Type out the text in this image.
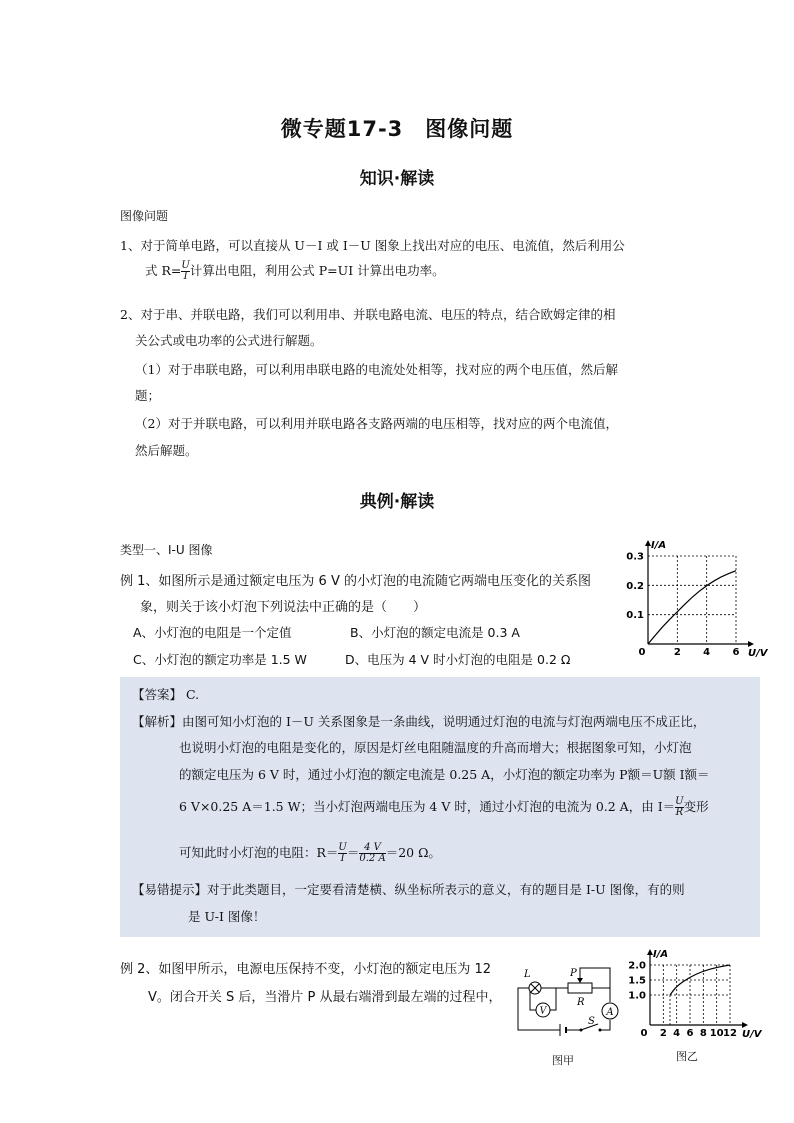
微专题17-3　图像问题
知识·解读
图像问题
1、对于简单电路，可以直接从 U－I 或 I－U 图象上找出对应的电压、电流值，然后利用公
式 $R= \frac{U}{I}$ 计算出电阻，利用公式 P=UI 计算出电功率。
2、对于串、并联电路，我们可以利用串、并联电路电流、电压的特点，结合欧姆定律的相
关公式或电功率的公式进行解题。
（1）对于串联电路，可以利用串联电路的电流处处相等，找对应的两个电压值，然后解
题；
（2）对于并联电路，可以利用并联电路各支路两端的电压相等，找对应的两个电流值，
然后解题。
典例·解读
类型一、I-U 图像
例 1、如图所示是通过额定电压为 6 V 的小灯泡的电流随它两端电压变化的关系图
象，则关于该小灯泡下列说法中正确的是（　　）
A、小灯泡的电阻是一个定值	B、小灯泡的额定电流是 0.3 A
C、小灯泡的额定功率是 1.5 W	D、电压为 4 V 时小灯泡的电阻是 0.2 Ω	0	2 4 6
0.1
0.2
0.3
U/V
I/A
【答案】 C.
【解析】由图可知小灯泡的 I－U 关系图象是一条曲线，说明通过灯泡的电流与灯泡两端电压不成正比，
也说明小灯泡的电阻是变化的，原因是灯丝电阻随温度的升高而增大；根据图象可知，小灯泡
的额定电压为 6 V 时，通过小灯泡的额定电流是 0.25 A，小灯泡的额定功率为 P额＝U额 I额＝
6 V×0.25 A＝1.5 W；当小灯泡两端电压为 4 V 时，通过小灯泡的电流为 0.2 A，由 $I= \frac{U}{R}$ 变形
可知此时小灯泡的电阻：$R= \frac{U}{I} = \frac{4 V}{0.2 A} =20$ Ω。
【易错提示】对于此类题目，一定要看清楚横、纵坐标所表示的意义，有的题目是 I-U 图像，有的则
是 U-I 图像！
例 2、如图甲所示，电源电压保持不变，小灯泡的额定电压为 12
V。闭合开关 S 后，当滑片 P 从最右端滑到最左端的过程中，
V	A
L	P
R
S
图甲
0 2 4 6 8 10 12
1.0
1.5
2.0
U/V
I/A
图乙
